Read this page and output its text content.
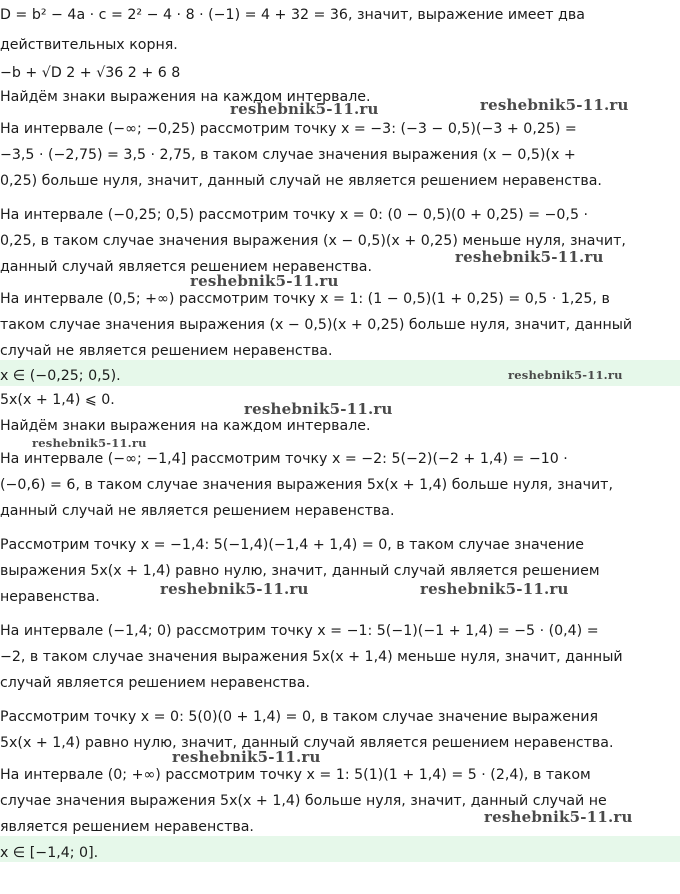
D = b² − 4a · c = 2² − 4 · 8 · (−1) = 4 + 32 = 36, значит, выражение имеет два
действительных корня.
−b + √D 2 + √36 2 + 6 8
Найдём знаки выражения на каждом интервале.
На интервале (−∞; −0,25) рассмотрим точку x = −3: (−3 − 0,5)(−3 + 0,25) =
−3,5 · (−2,75) = 3,5 · 2,75, в таком случае значения выражения (x − 0,5)(x +
0,25) больше нуля, значит, данный случай не является решением неравенства.
На интервале (−0,25; 0,5) рассмотрим точку x = 0: (0 − 0,5)(0 + 0,25) = −0,5 ·
0,25, в таком случае значения выражения (x − 0,5)(x + 0,25) меньше нуля, значит,
данный случай является решением неравенства.
На интервале (0,5; +∞) рассмотрим точку x = 1: (1 − 0,5)(1 + 0,25) = 0,5 · 1,25, в
таком случае значения выражения (x − 0,5)(x + 0,25) больше нуля, значит, данный
случай не является решением неравенства.
x ∈ (−0,25; 0,5).
5x(x + 1,4) ⩽ 0.
Найдём знаки выражения на каждом интервале.
На интервале (−∞; −1,4] рассмотрим точку x = −2: 5(−2)(−2 + 1,4) = −10 ·
(−0,6) = 6, в таком случае значения выражения 5x(x + 1,4) больше нуля, значит,
данный случай не является решением неравенства.
Рассмотрим точку x = −1,4: 5(−1,4)(−1,4 + 1,4) = 0, в таком случае значение
выражения 5x(x + 1,4) равно нулю, значит, данный случай является решением
неравенства.
На интервале (−1,4; 0) рассмотрим точку x = −1: 5(−1)(−1 + 1,4) = −5 · (0,4) =
−2, в таком случае значения выражения 5x(x + 1,4) меньше нуля, значит, данный
случай является решением неравенства.
Рассмотрим точку x = 0: 5(0)(0 + 1,4) = 0, в таком случае значение выражения
5x(x + 1,4) равно нулю, значит, данный случай является решением неравенства.
На интервале (0; +∞) рассмотрим точку x = 1: 5(1)(1 + 1,4) = 5 · (2,4), в таком
случае значения выражения 5x(x + 1,4) больше нуля, значит, данный случай не
является решением неравенства.
x ∈ [−1,4; 0].
reshebnik5-11.ru	reshebnik5-11.ru
reshebnik5-11.ru
reshebnik5-11.ru
reshebnik5-11.ru
reshebnik5-11.ru
reshebnik5-11.ru
reshebnik5-11.ru	reshebnik5-11.ru
reshebnik5-11.ru
reshebnik5-11.ru
